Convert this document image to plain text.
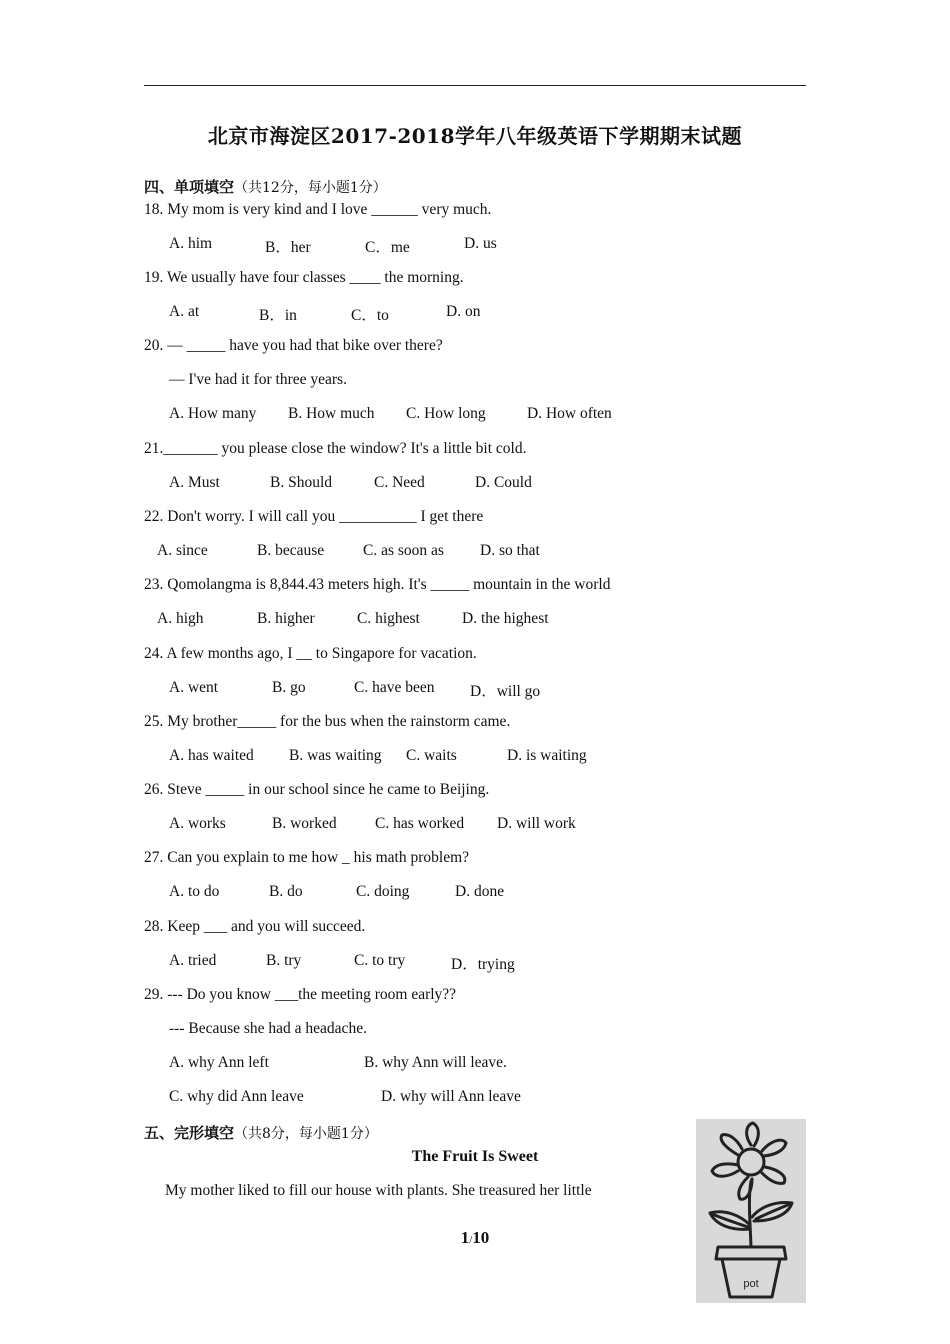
北京市海淀区2017-2018学年八年级英语下学期期末试题
四、单项填空（共12分，每小题1分）
18. My mom is very kind and I love ______ very much.
A. him	B．her	C．me	D. us
19. We usually have four classes ____ the morning.
A. at	B．in	C．to	D. on
20. — _____ have you had that bike over there?
— I've had it for three years.
A. How many B. How much C. How long	D. How often
21._______ you please close the window? It's a little bit cold.
A. Must	B. Should	C. Need	D. Could
22. Don't worry. I will call you __________ I get there
A. since	B. because	C. as soon as D. so that
23. Qomolangma is 8,844.43 meters high. It's _____ mountain in the world
A. high	B. higher	C. highest	D. the highest
24. A few months ago, I __ to Singapore for vacation.
A. went	B. go	C. have been D．will go
25. My brother_____ for the bus when the rainstorm came.
A. has waited B. was waiting C. waits	D. is waiting
26. Steve _____ in our school since he came to Beijing.
A. works	B. worked C. has worked D. will work
27. Can you explain to me how _ his math problem?
A. to do	B. do	C. doing	D. done
28. Keep ___ and you will succeed.
A. tried	B. try	C. to try	D．trying
29. --- Do you know ___the meeting room early??
--- Because she had a headache.
A. why Ann left	B. why Ann will leave.
C. why did Ann leave	D. why will Ann leave
五、完形填空（共8分，每小题1分）
The Fruit Is Sweet
My mother liked to fill our house with plants. She treasured her little
1/10
pot
